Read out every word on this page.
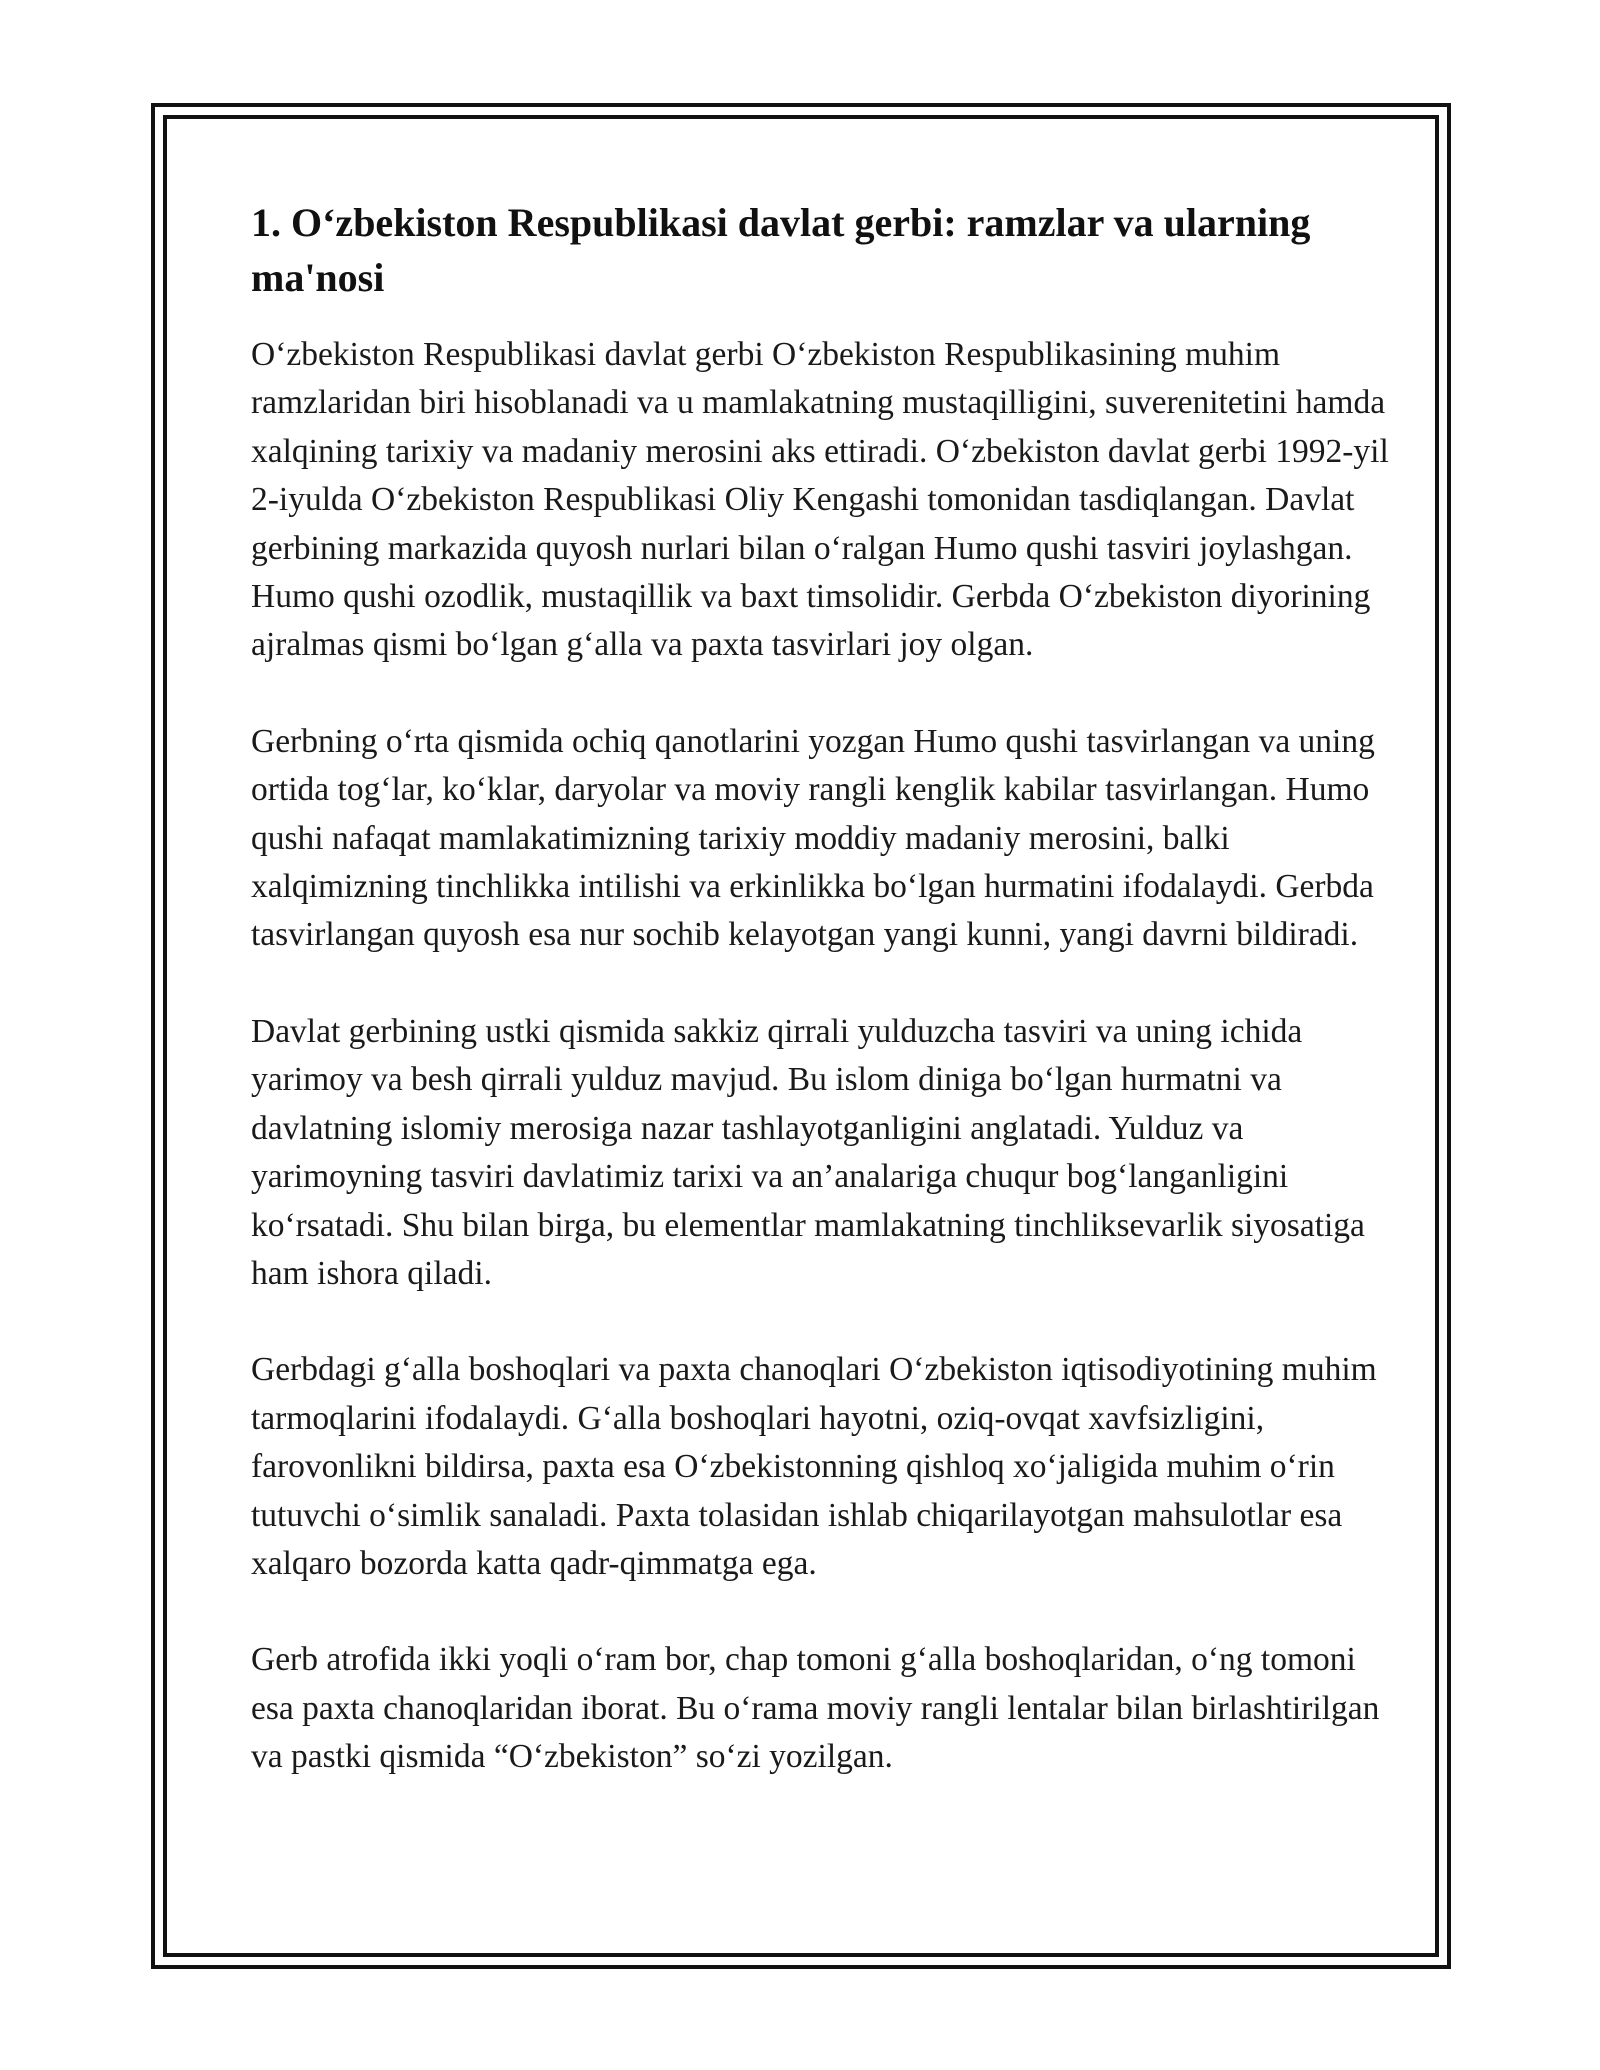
1. O‘zbekiston Respublikasi davlat gerbi: ramzlar va ularning ma'nosi

O‘zbekiston Respublikasi davlat gerbi O‘zbekiston Respublikasining muhim ramzlaridan biri hisoblanadi va u mamlakatning mustaqilligini, suverenitetini hamda xalqining tarixiy va madaniy merosini aks ettiradi. O‘zbekiston davlat gerbi 1992-yil 2-iyulda O‘zbekiston Respublikasi Oliy Kengashi tomonidan tasdiqlangan. Davlat gerbining markazida quyosh nurlari bilan o‘ralgan Humo qushi tasviri joylashgan. Humo qushi ozodlik, mustaqillik va baxt timsolidir. Gerbda O‘zbekiston diyorining ajralmas qismi bo‘lgan g‘alla va paxta tasvirlari joy olgan.

Gerbning o‘rta qismida ochiq qanotlarini yozgan Humo qushi tasvirlangan va uning ortida tog‘lar, ko‘klar, daryolar va moviy rangli kenglik kabilar tasvirlangan. Humo qushi nafaqat mamlakatimizning tarixiy moddiy madaniy merosini, balki xalqimizning tinchlikka intilishi va erkinlikka bo‘lgan hurmatini ifodalaydi. Gerbda tasvirlangan quyosh esa nur sochib kelayotgan yangi kunni, yangi davrni bildiradi.

Davlat gerbining ustki qismida sakkiz qirrali yulduzcha tasviri va uning ichida yarimoy va besh qirrali yulduz mavjud. Bu islom diniga bo‘lgan hurmatni va davlatning islomiy merosiga nazar tashlayotganligini anglatadi. Yulduz va yarimoyning tasviri davlatimiz tarixi va an’analariga chuqur bog‘langanligini ko‘rsatadi. Shu bilan birga, bu elementlar mamlakatning tinchliksevarlik siyosatiga ham ishora qiladi.

Gerbdagi g‘alla boshoqlari va paxta chanoqlari O‘zbekiston iqtisodiyotining muhim tarmoqlarini ifodalaydi. G‘alla boshoqlari hayotni, oziq-ovqat xavfsizligini, farovonlikni bildirsa, paxta esa O‘zbekistonning qishloq xo‘jaligida muhim o‘rin tutuvchi o‘simlik sanaladi. Paxta tolasidan ishlab chiqarilayotgan mahsulotlar esa xalqaro bozorda katta qadr-qimmatga ega.

Gerb atrofida ikki yoqli o‘ram bor, chap tomoni g‘alla boshoqlaridan, o‘ng tomoni esa paxta chanoqlaridan iborat. Bu o‘rama moviy rangli lentalar bilan birlashtirilgan va pastki qismida “O‘zbekiston” so‘zi yozilgan.
